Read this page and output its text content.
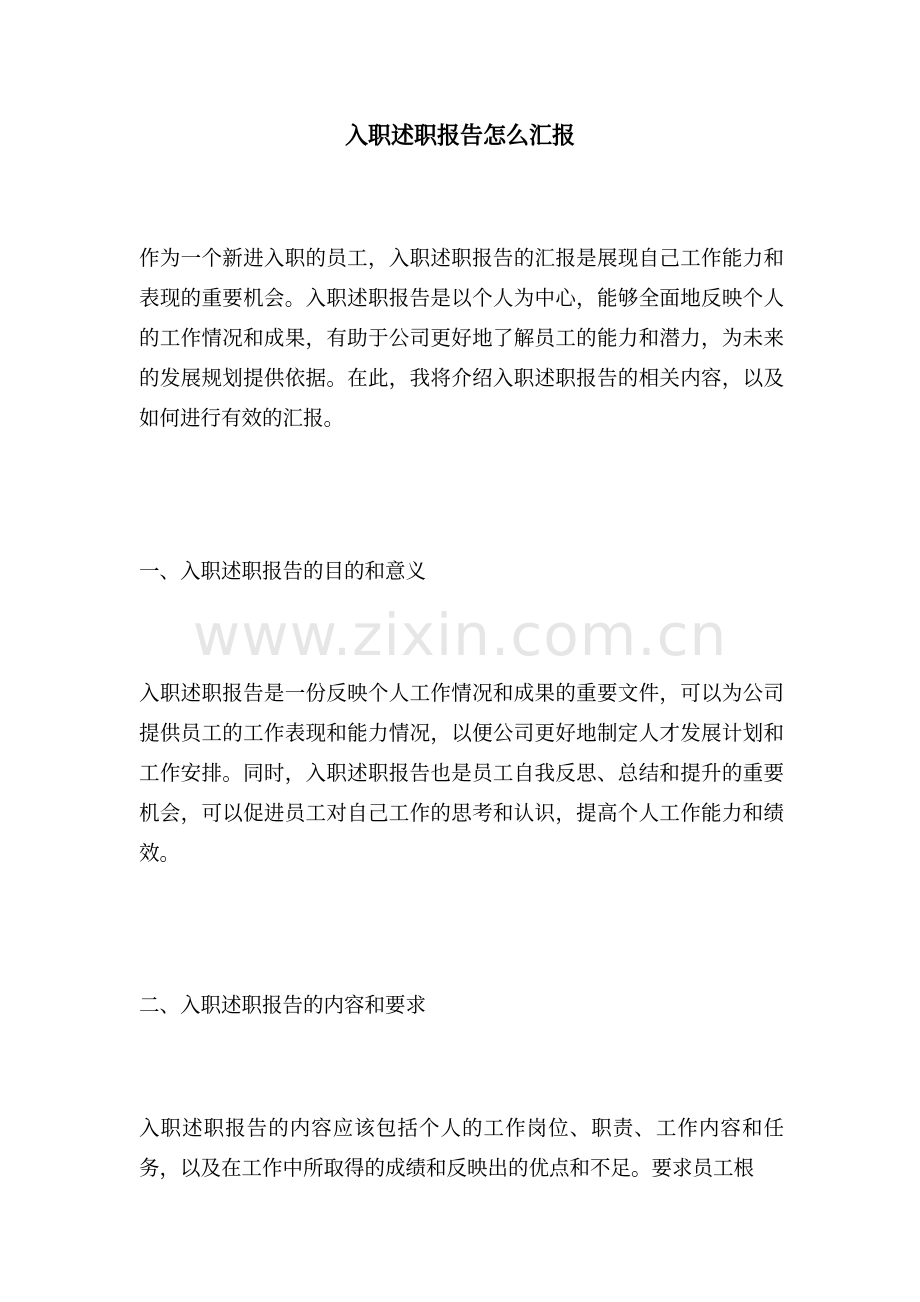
入职述职报告怎么汇报

作为一个新进入职的员工，入职述职报告的汇报是展现自己工作能力和表现的重要机会。入职述职报告是以个人为中心，能够全面地反映个人的工作情况和成果，有助于公司更好地了解员工的能力和潜力，为未来的发展规划提供依据。在此，我将介绍入职述职报告的相关内容，以及如何进行有效的汇报。

一、入职述职报告的目的和意义

www.zixin.com.cn

入职述职报告是一份反映个人工作情况和成果的重要文件，可以为公司提供员工的工作表现和能力情况，以便公司更好地制定人才发展计划和工作安排。同时，入职述职报告也是员工自我反思、总结和提升的重要机会，可以促进员工对自己工作的思考和认识，提高个人工作能力和绩效。

二、入职述职报告的内容和要求

入职述职报告的内容应该包括个人的工作岗位、职责、工作内容和任务，以及在工作中所取得的成绩和反映出的优点和不足。要求员工根
